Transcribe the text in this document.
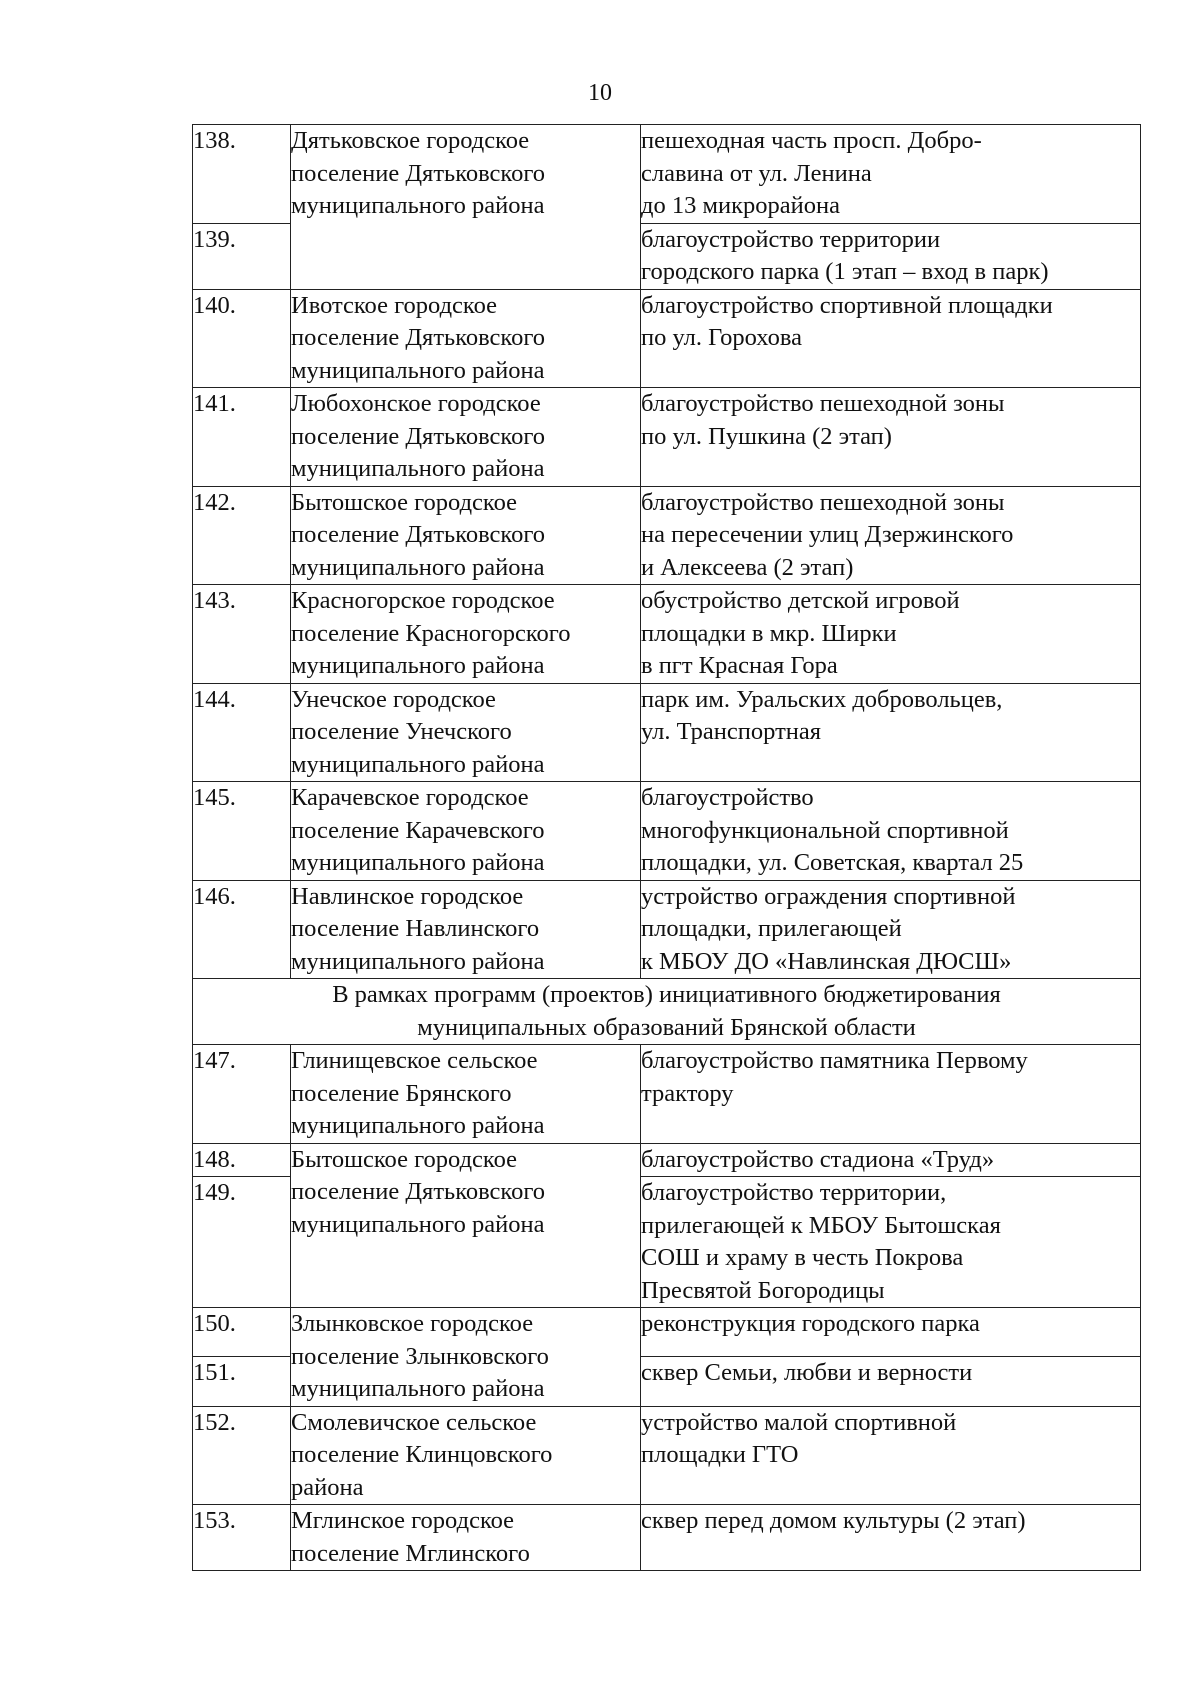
10
138.	Дятьковское городское
поселение Дятьковского
муниципального района	пешеходная часть просп. Добро-
славина от ул. Ленина
до 13 микрорайона

139.		благоустройство территории
городского парка (1 этап – вход в парк)

140.	Ивотское городское
поселение Дятьковского
муниципального района	благоустройство спортивной площадки
по ул. Горохова

141.	Любохонское городское
поселение Дятьковского
муниципального района	благоустройство пешеходной зоны
по ул. Пушкина (2 этап)

142.	Бытошское городское
поселение Дятьковского
муниципального района	благоустройство пешеходной зоны
на пересечении улиц Дзержинского
и Алексеева (2 этап)

143.	Красногорское городское
поселение Красногорского
муниципального района	обустройство детской игровой
площадки в мкр. Ширки
в пгт Красная Гора

144.	Унечское городское
поселение Унечского
муниципального района	парк им. Уральских добровольцев,
ул. Транспортная

145.	Карачевское городское
поселение Карачевского
муниципального района	благоустройство
многофункциональной спортивной
площадки, ул. Советская, квартал 25

146.	Навлинское городское
поселение Навлинского
муниципального района	устройство ограждения спортивной
площадки, прилегающей
к МБОУ ДО «Навлинская ДЮСШ»

В рамках программ (проектов) инициативного бюджетирования
муниципальных образований Брянской области		

147.	Глинищевское сельское
поселение Брянского
муниципального района	благоустройство памятника Первому
трактору

148.	Бытошское городское
поселение Дятьковского
муниципального района	благоустройство стадиона «Труд»

149.		благоустройство территории,
прилегающей к МБОУ Бытошская
СОШ и храму в честь Покрова
Пресвятой Богородицы

150.	Злынковское городское
поселение Злынковского
муниципального района	реконструкция городского парка

151.		сквер Семьи, любви и верности

152.	Смолевичское сельское
поселение Клинцовского
района	устройство малой спортивной
площадки ГТО

153.	Мглинское городское
поселение Мглинского	сквер перед домом культуры (2 этап)
